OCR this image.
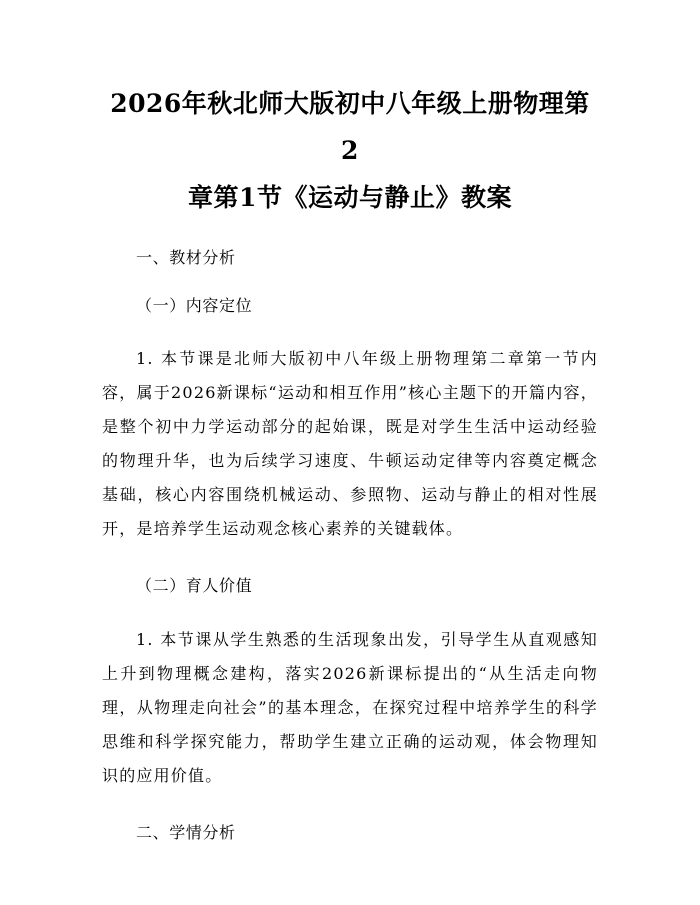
2026年秋北师大版初中八年级上册物理第2
章第1节《运动与静止》教案

一、教材分析

（一）内容定位

1. 本节课是北师大版初中八年级上册物理第二章第一节内容，属于2026新课标“运动和相互作用”核心主题下的开篇内容，是整个初中力学运动部分的起始课，既是对学生生活中运动经验的物理升华，也为后续学习速度、牛顿运动定律等内容奠定概念基础，核心内容围绕机械运动、参照物、运动与静止的相对性展开，是培养学生运动观念核心素养的关键载体。

（二）育人价值

1. 本节课从学生熟悉的生活现象出发，引导学生从直观感知上升到物理概念建构，落实2026新课标提出的“从生活走向物理，从物理走向社会”的基本理念，在探究过程中培养学生的科学思维和科学探究能力，帮助学生建立正确的运动观，体会物理知识的应用价值。

二、学情分析
